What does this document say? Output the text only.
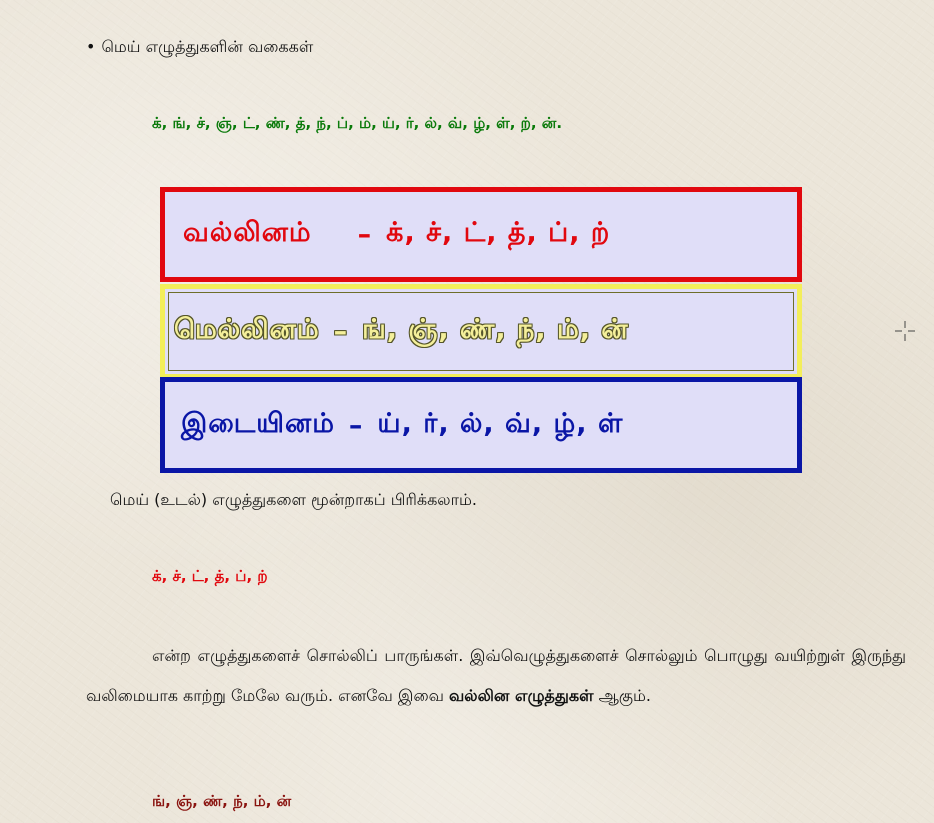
• மெய் எழுத்துகளின் வகைகள்
க், ங், ச், ஞ், ட், ண், த், ந், ப், ம், ய், ர், ல், வ், ழ், ள், ற், ன்.
வல்லினம் – க், ச், ட், த், ப், ற்
மெல்லினம் – ங், ஞ், ண், ந், ம், ன்
இடையினம் – ய், ர், ல், வ், ழ், ள்
மெய் (உடல்) எழுத்துகளை மூன்றாகப் பிரிக்கலாம்.
க், ச், ட், த், ப், ற்
என்ற எழுத்துகளைச் சொல்லிப் பாருங்கள். இவ்வெழுத்துகளைச் சொல்லும் பொழுது வயிற்றுள் இருந்து வலிமையாக காற்று மேலே வரும். எனவே இவை வல்லின எழுத்துகள் ஆகும்.
ங், ஞ், ண், ந், ம், ன்
